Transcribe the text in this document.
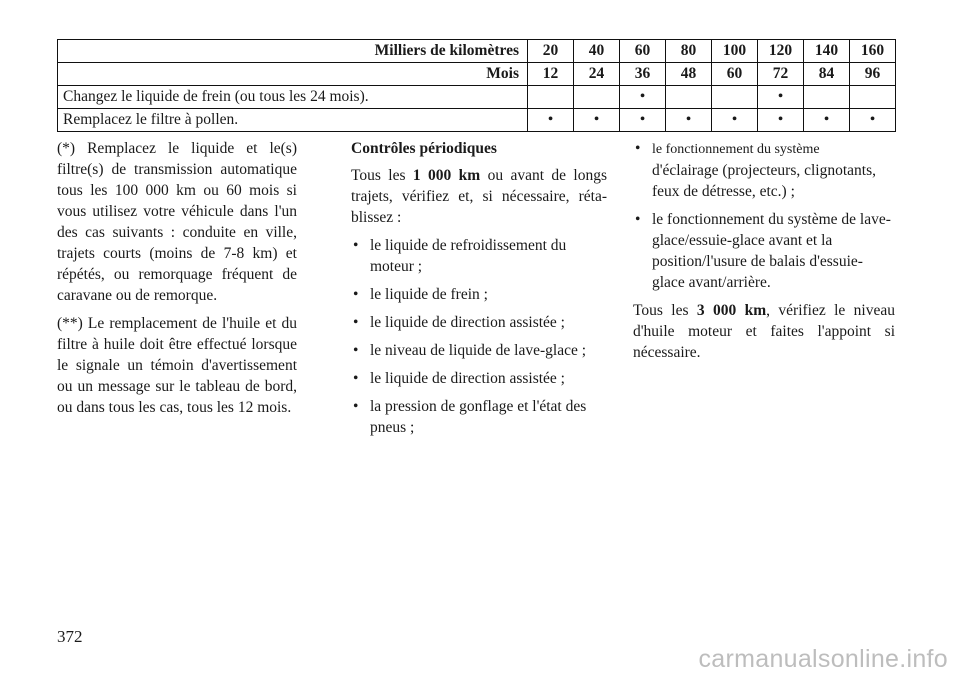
Milliers de kilomètres	20	40	60	80	100	120	140	160
Mois	12	24	36	48	60	72	84	96
Changez le liquide de frein (ou tous les 24 mois).			•			•		
Remplacez le filtre à pollen.	•	•	•	•	•	•	•	•

(*) Remplacez le liquide et le(s) filtre(s) de transmission automatique tous les 100 000 km ou 60 mois si vous utilisez votre véhicule dans l'un des cas suivants : conduite en ville, trajets courts (moins de 7-8 km) et répétés, ou remorquage fréquent de caravane ou de remorque.

(**) Le remplacement de l'huile et du filtre à huile doit être effectué lorsque le signale un témoin d'avertissement ou un message sur le tableau de bord, ou dans tous les cas, tous les 12 mois.

Contrôles périodiques

Tous les 1 000 km ou avant de longs trajets, vérifiez et, si nécessaire, réta-blissez :

• le liquide de refroidissement du moteur ;
• le liquide de frein ;
• le liquide de direction assistée ;
• le niveau de liquide de lave-glace ;
• le liquide de direction assistée ;
• la pression de gonflage et l'état des pneus ;
• le fonctionnement du système
d'éclairage (projecteurs, clignotants, feux de détresse, etc.) ;
• le fonctionnement du système de lave-glace/essuie-glace avant et la position/l'usure de balais d'essuie-glace avant/arrière.

Tous les 3 000 km, vérifiez le niveau d'huile moteur et faites l'appoint si nécessaire.

372
carmanualsonline.info
